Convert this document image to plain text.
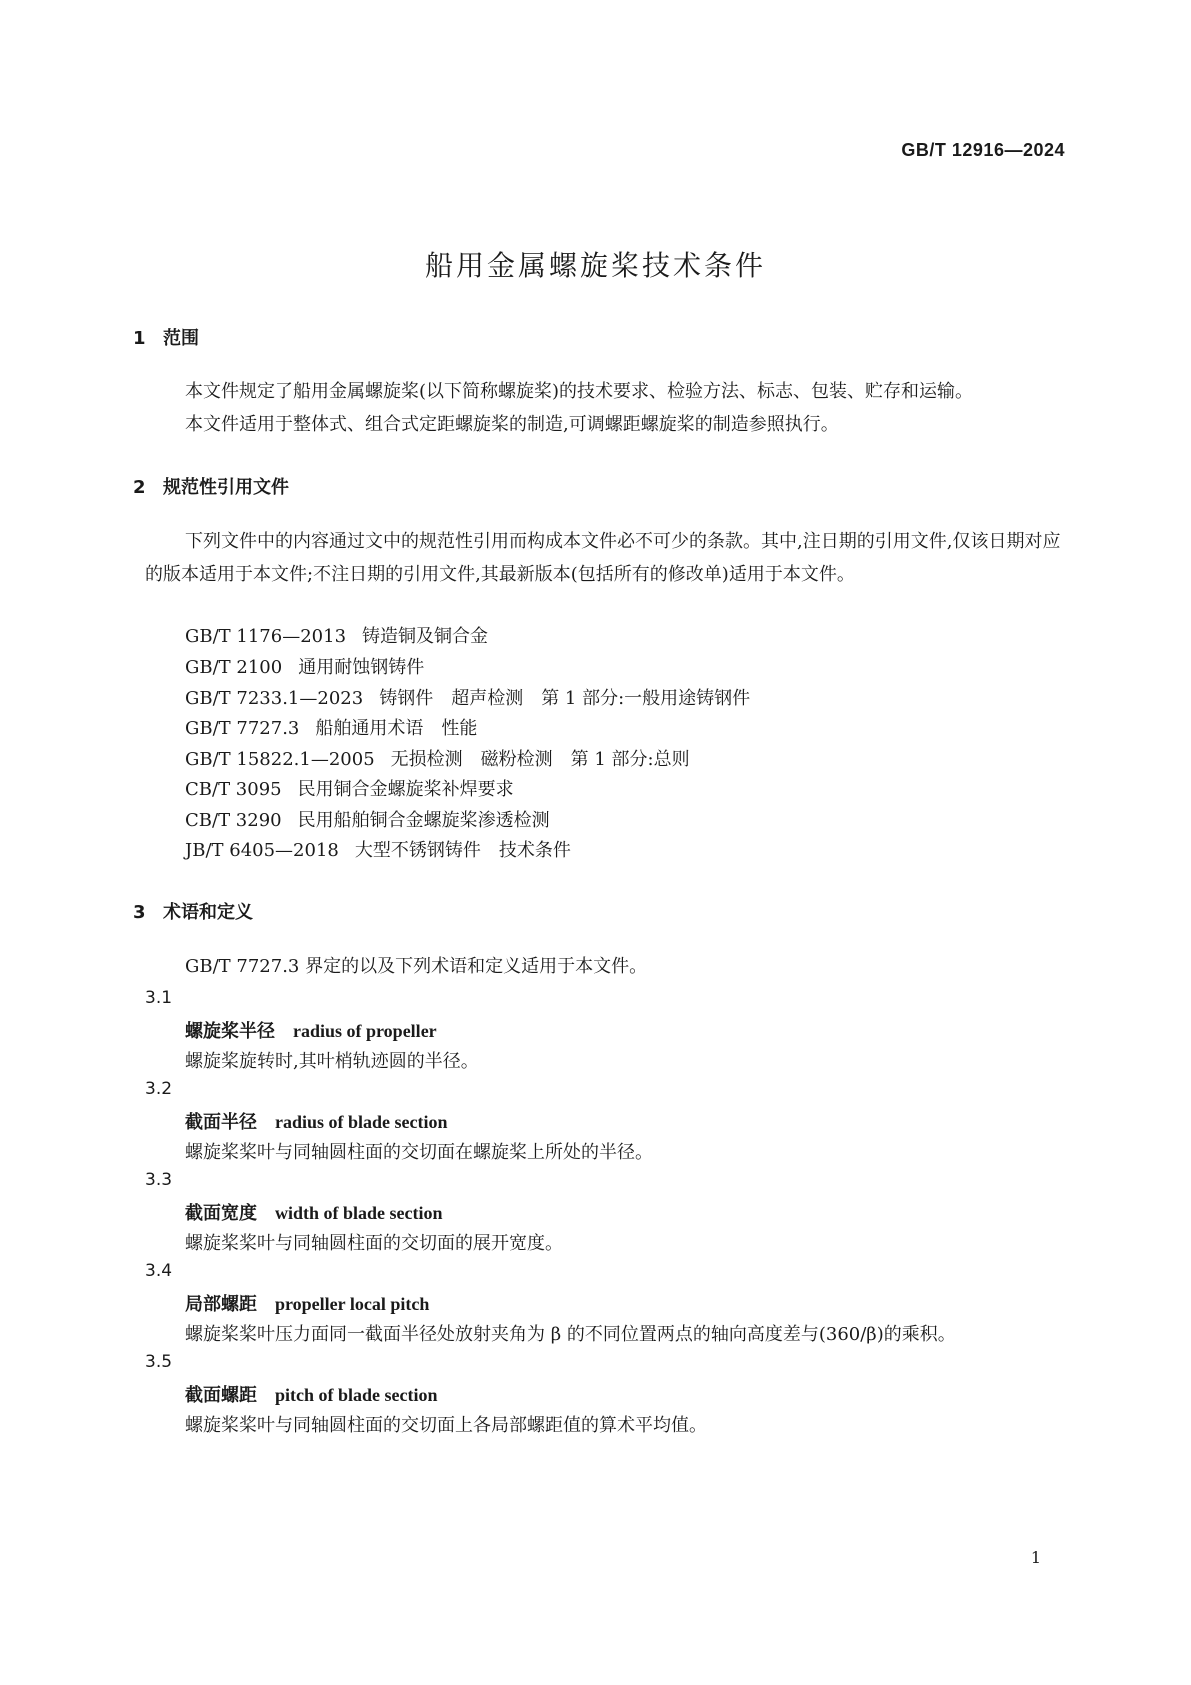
GB/T 12916—2024
船用金属螺旋桨技术条件
1 范围
本文件规定了船用金属螺旋桨(以下简称螺旋桨)的技术要求、检验方法、标志、包装、贮存和运输。
本文件适用于整体式、组合式定距螺旋桨的制造,可调螺距螺旋桨的制造参照执行。
2 规范性引用文件
下列文件中的内容通过文中的规范性引用而构成本文件必不可少的条款。其中,注日期的引用文件,仅该日期对应的版本适用于本文件;不注日期的引用文件,其最新版本(包括所有的修改单)适用于本文件。
GB/T 1176—2013 铸造铜及铜合金
GB/T 2100 通用耐蚀钢铸件
GB/T 7233.1—2023 铸钢件　超声检测　第 1 部分:一般用途铸钢件
GB/T 7727.3 船舶通用术语　性能
GB/T 15822.1—2005 无损检测　磁粉检测　第 1 部分:总则
CB/T 3095 民用铜合金螺旋桨补焊要求
CB/T 3290 民用船舶铜合金螺旋桨渗透检测
JB/T 6405—2018 大型不锈钢铸件　技术条件
3 术语和定义
GB/T 7727.3 界定的以及下列术语和定义适用于本文件。
3.1
螺旋桨半径 radius of propeller
螺旋桨旋转时,其叶梢轨迹圆的半径。
3.2
截面半径 radius of blade section
螺旋桨桨叶与同轴圆柱面的交切面在螺旋桨上所处的半径。
3.3
截面宽度 width of blade section
螺旋桨桨叶与同轴圆柱面的交切面的展开宽度。
3.4
局部螺距 propeller local pitch
螺旋桨桨叶压力面同一截面半径处放射夹角为 β 的不同位置两点的轴向高度差与(360/β)的乘积。
3.5
截面螺距 pitch of blade section
螺旋桨桨叶与同轴圆柱面的交切面上各局部螺距值的算术平均值。
1
